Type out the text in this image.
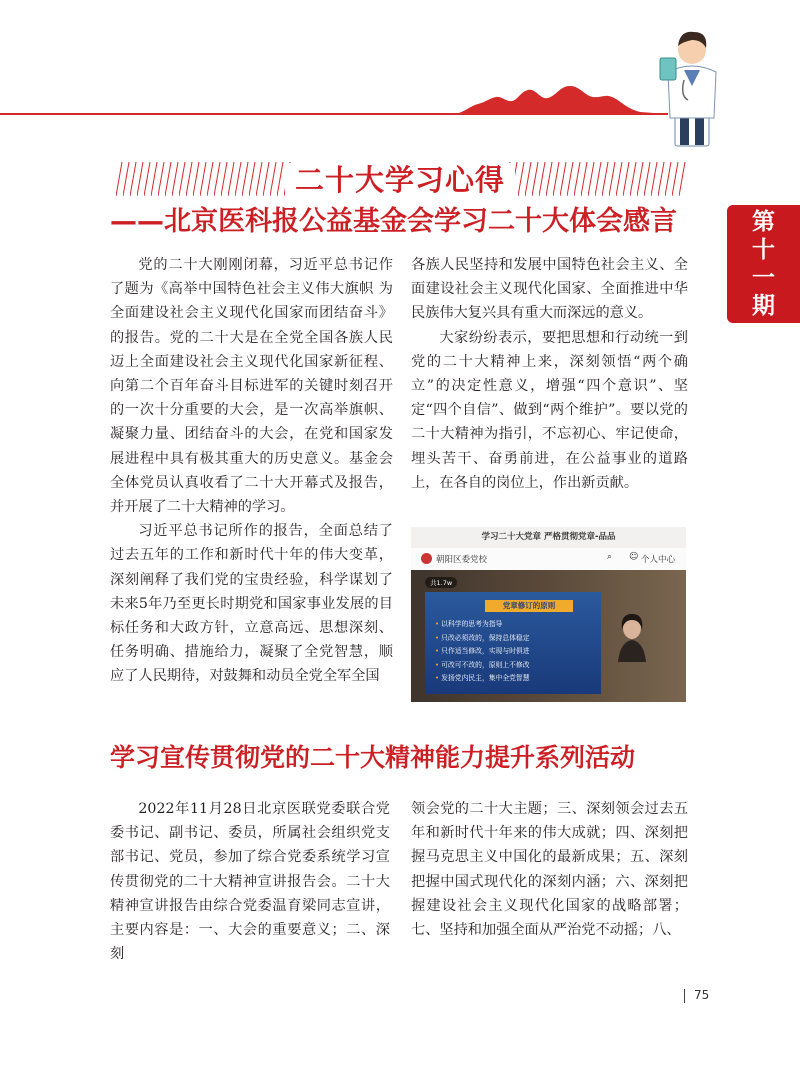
二十大学习心得
——北京医科报公益基金会学习二十大体会感言	第
十
一
期

党的二十大刚刚闭幕，习近平总书记作了题为《高举中国特色社会主义伟大旗帜 为全面建设社会主义现代化国家而团结奋斗》的报告。党的二十大是在全党全国各族人民迈上全面建设社会主义现代化国家新征程、向第二个百年奋斗目标进军的关键时刻召开的一次十分重要的大会，是一次高举旗帜、凝聚力量、团结奋斗的大会，在党和国家发展进程中具有极其重大的历史意义。基金会全体党员认真收看了二十大开幕式及报告，并开展了二十大精神的学习。

习近平总书记所作的报告，全面总结了过去五年的工作和新时代十年的伟大变革，深刻阐释了我们党的宝贵经验，科学谋划了未来5年乃至更长时期党和国家事业发展的目标任务和大政方针，立意高远、思想深刻、任务明确、措施给力，凝聚了全党智慧，顺应了人民期待，对鼓舞和动员全党全军全国

各族人民坚持和发展中国特色社会主义、全面建设社会主义现代化国家、全面推进中华民族伟大复兴具有重大而深远的意义。

大家纷纷表示，要把思想和行动统一到党的二十大精神上来，深刻领悟“两个确立”的决定性意义，增强“四个意识”、坚定“四个自信”、做到“两个维护”。要以党的二十大精神为指引，不忘初心、牢记使命，埋头苦干、奋勇前进，在公益事业的道路上，在各自的岗位上，作出新贡献。

学习二十大党章 严格贯彻党章-品品
朝阳区委党校	⌕ ☺ 个人中心
共1.7w
党章修订的原则
• 以科学的思考为指导
• 只改必须改的，保持总体稳定
• 只作适当修改，实现与时俱进
• 可改可不改的，原则上不修改
• 发扬党内民主，集中全党智慧
学习宣传贯彻党的二十大精神能力提升系列活动

2022年11月28日北京医联党委联合党委书记、副书记、委员，所属社会组织党支部书记、党员，参加了综合党委系统学习宣传贯彻党的二十大精神宣讲报告会。二十大精神宣讲报告由综合党委温育梁同志宣讲，主要内容是：一、大会的重要意义；二、深刻

领会党的二十大主题；三、深刻领会过去五年和新时代十年来的伟大成就；四、深刻把握马克思主义中国化的最新成果；五、深刻把握中国式现代化的深刻内涵；六、深刻把握建设社会主义现代化国家的战略部署；七、坚持和加强全面从严治党不动摇；八、

75
